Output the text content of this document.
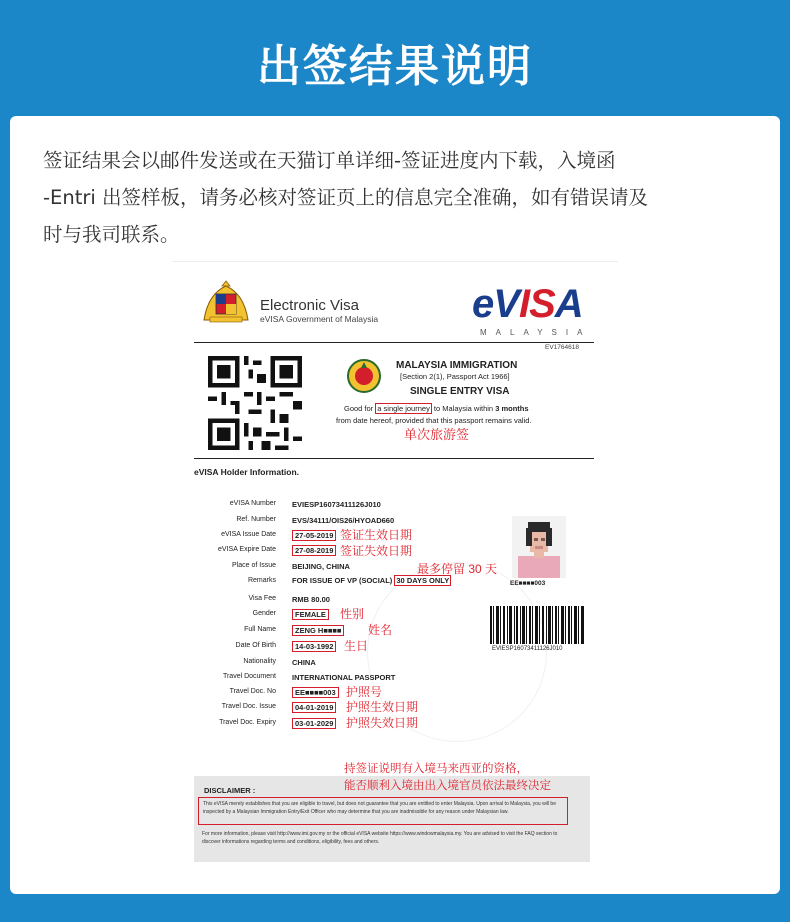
出签结果说明
签证结果会以邮件发送或在天猫订单详细-签证进度内下载，入境函
-Entri 出签样板，请务必核对签证页上的信息完全准确，如有错误请及
时与我司联系。
Electronic Visa
eVISA Government of Malaysia eVISA
MALAYSIA
EV1764618
MALAYSIA IMMIGRATION
[Section 2(1), Passport Act 1966]
SINGLE ENTRY VISA
Good for a single journey to Malaysia within 3 months
from date hereof, provided that this passport remains valid.
单次旅游签
eVISA Holder Information.
eVISA Number EVIESP16073411126J010
Ref. Number EVS/34111/OIS26/HYOAD660
eVISA Issue Date	27-05-2019 签证生效日期
eVISA Expire Date	27-08-2019 签证失效日期
Place of Issue BEIJING, CHINA	最多停留 30 天
Remarks FOR ISSUE OF VP (SOCIAL) 30 DAYS ONLY
Visa Fee RMB 80.00
Gender	FEMALE 性别
Full Name	ZENG H■■■■ 姓名
Date Of Birth	14-03-1992 生日
Nationality CHINA
Travel Document INTERNATIONAL PASSPORT
Travel Doc. No	EE■■■■003 护照号
Travel Doc. Issue	04-01-2019 护照生效日期
Travel Doc. Expiry	03-01-2029 护照失效日期
EE■■■■003
EVIESP16073411126J010
持签证说明有入境马来西亚的资格，
能否顺利入境由出入境官员依法最终决定
DISCLAIMER :
This eVISA merely establishes that you are eligible to travel, but does not guarantee that you are entitled to enter Malaysia. Upon arrival to Malaysia, you will be inspected by a Malaysian Immigration Entry/Exit Officer who may determine that you are inadmissible for any reason under Malaysian law.
For more information, please visit http://www.imi.gov.my or the official eVISA website https://www.windowmalaysia.my. You are advised to visit the FAQ section to discover informations regarding terms and conditions, eligibility, fees and others.
